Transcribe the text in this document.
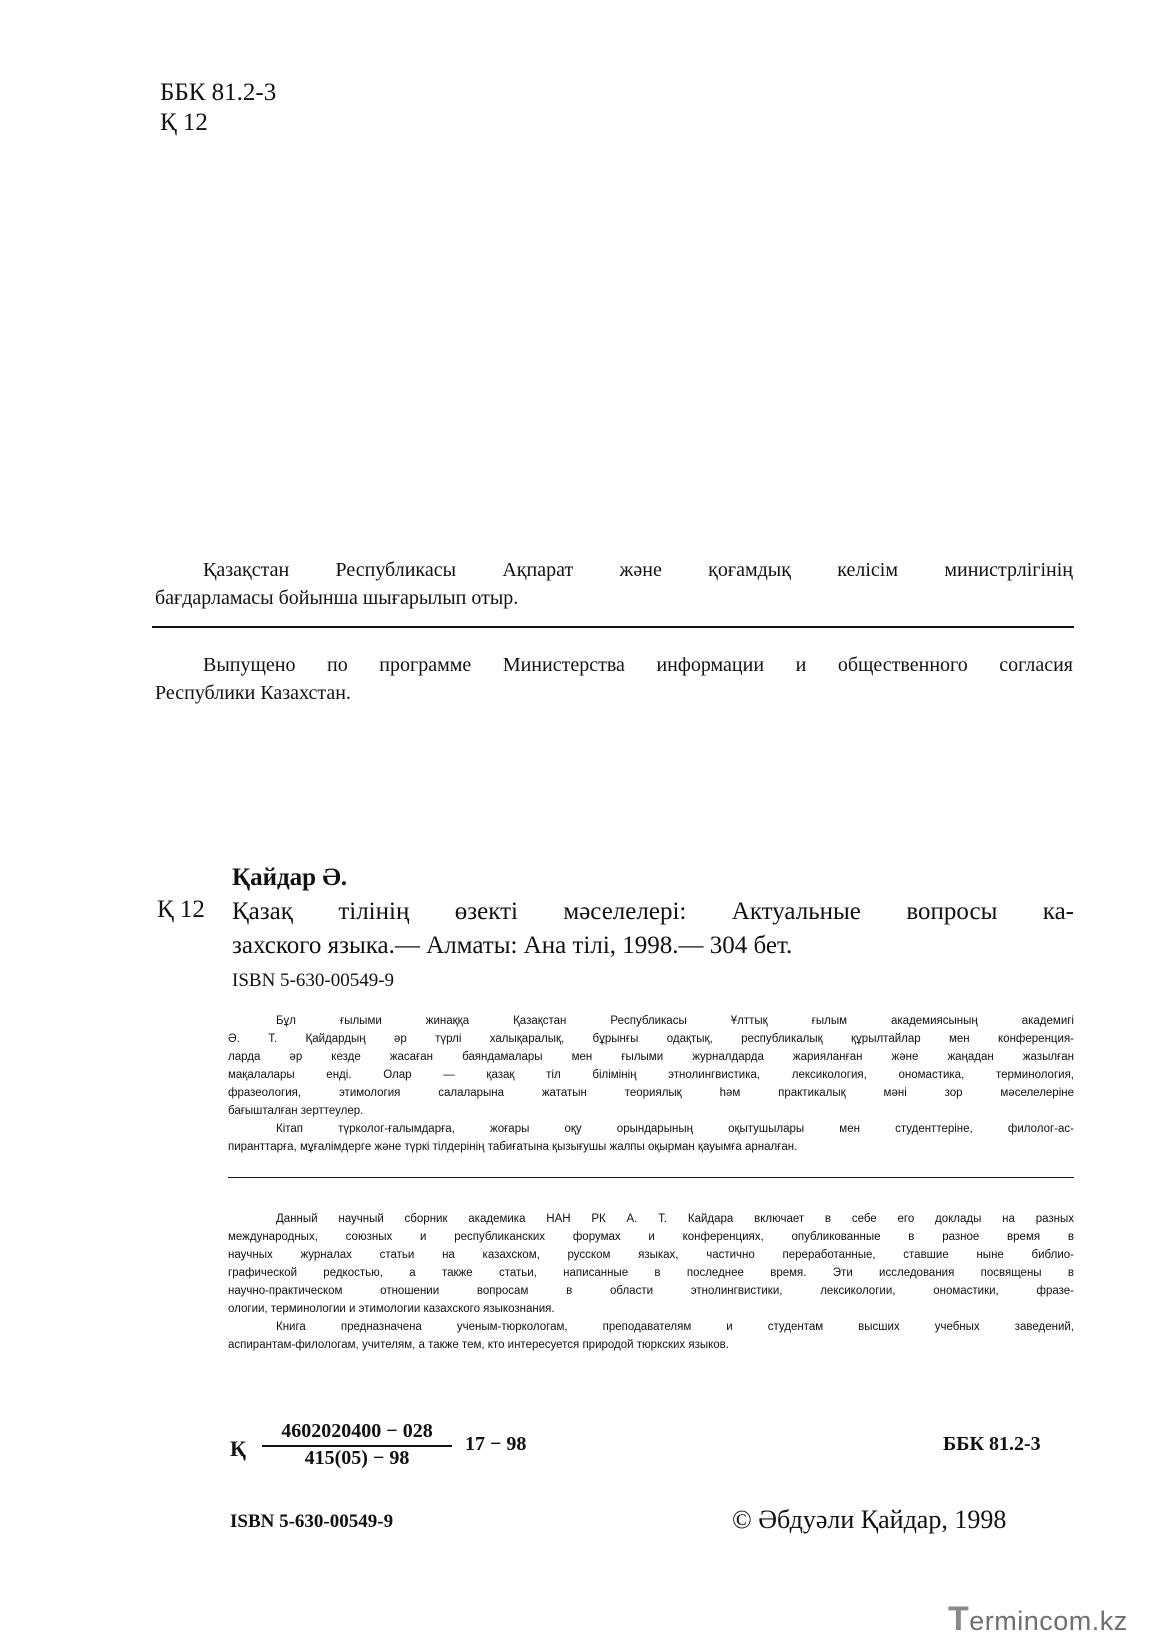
ББК 81.2-3
Қ 12
Қазақстан Республикасы Ақпарат және қоғамдық келісім министрлігінің
бағдарламасы бойынша шығарылып отыр.
Выпущено по программе Министерства информации и общественного согласия
Республики Казахстан.
Қайдар Ә.
Қ 12 Қазақ тілінің өзекті мәселелері: Актуальные вопросы ка-
захского языка.— Алматы: Ана тілі, 1998.— 304 бет.
ISBN 5-630-00549-9

Бұл ғылыми жинаққа Қазақстан Республикасы Ұлттық ғылым академиясының академигі

Ә. Т. Қайдардың әр түрлі халықаралық, бұрынғы одақтық, республикалық құрылтайлар мен конференция-
ларда әр кезде жасаған баяндамалары мен ғылыми журналдарда жарияланған және жаңадан жазылған
мақалалары енді. Олар — қазақ тіл білімінің этнолингвистика, лексикология, ономастика, терминология,
фразеология, этимология салаларына жататын теориялық һәм практикалық мәні зор мәселелеріне
бағышталған зерттеулер.

Кітап түрколог-ғалымдарға, жоғары оқу орындарының оқытушылары мен студенттеріне, филолог-ас-

пиранттарға, мұғалімдерге және түркі тілдерінің табиғатына қызығушы жалпы оқырман қауымға арналған.

Данный научный сборник академика НАН РК А. Т. Кайдара включает в себе его доклады на разных

международных, союзных и республиканских форумах и конференциях, опубликованные в разное время в
научных журналах статьи на казахском, русском языках, частично переработанные, ставшие ныне библио-
графической редкостью, а также статьи, написанные в последнее время. Эти исследования посвящены в
научно-практическом отношении вопросам в области этнолингвистики, лексикологии, ономастики, фразе-
ологии, терминологии и этимологии казахского языкознания.

Книга предназначена ученым-тюркологам, преподавателям и студентам высших учебных заведений,

аспирантам-филологам, учителям, а также тем, кто интересуется природой тюркских языков.
Қ $\frac{4602020400 - 028}{415(05) - 98} 17 - 98$	ББК 81.2-3
ISBN 5-630-00549-9	© Әбдуәли Қайдар, 1998
Termincom.kz
